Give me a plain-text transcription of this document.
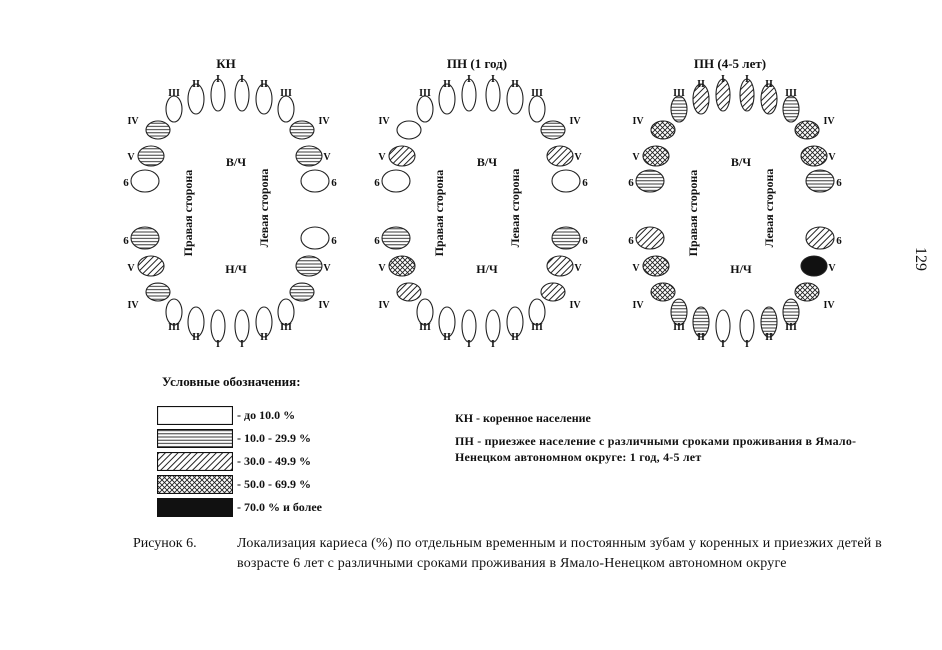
6
V
IV
III
II I I II
III
IV
V
6
6
V
IV
III
II
I I
II
III
IV
V
6
В/Ч
Н/Ч
Правая сторона	Левая сторона	6
V
IV
III
II I I II
III
IV
V
6
6
V
IV
III
II
I I
II
III
IV
V
6
В/Ч
Н/Ч
Правая сторона	Левая сторона	6
V
IV
III
II I I II
III
IV
V
6
6
V
IV
III
II
I I
II
III
IV
V
6
В/Ч
Н/Ч
Правая сторона	Левая сторона
КН	ПН (1 год)	ПН (4-5 лет)
129
Условные обозначения:
- до 10.0 %
- 10.0 - 29.9 %
- 30.0 - 49.9 %
- 50.0 - 69.9 %
- 70.0 % и более
КН - коренное население
ПН - приезжее население с различными сроками проживания в Ямало-Ненецком автономном округе: 1 год, 4-5 лет
Рисунок 6.	Локализация кариеса (%) по отдельным временным и постоянным зубам у коренных и приезжих детей в возрасте 6 лет с различными сроками проживания в Ямало-Ненецком автономном округе
